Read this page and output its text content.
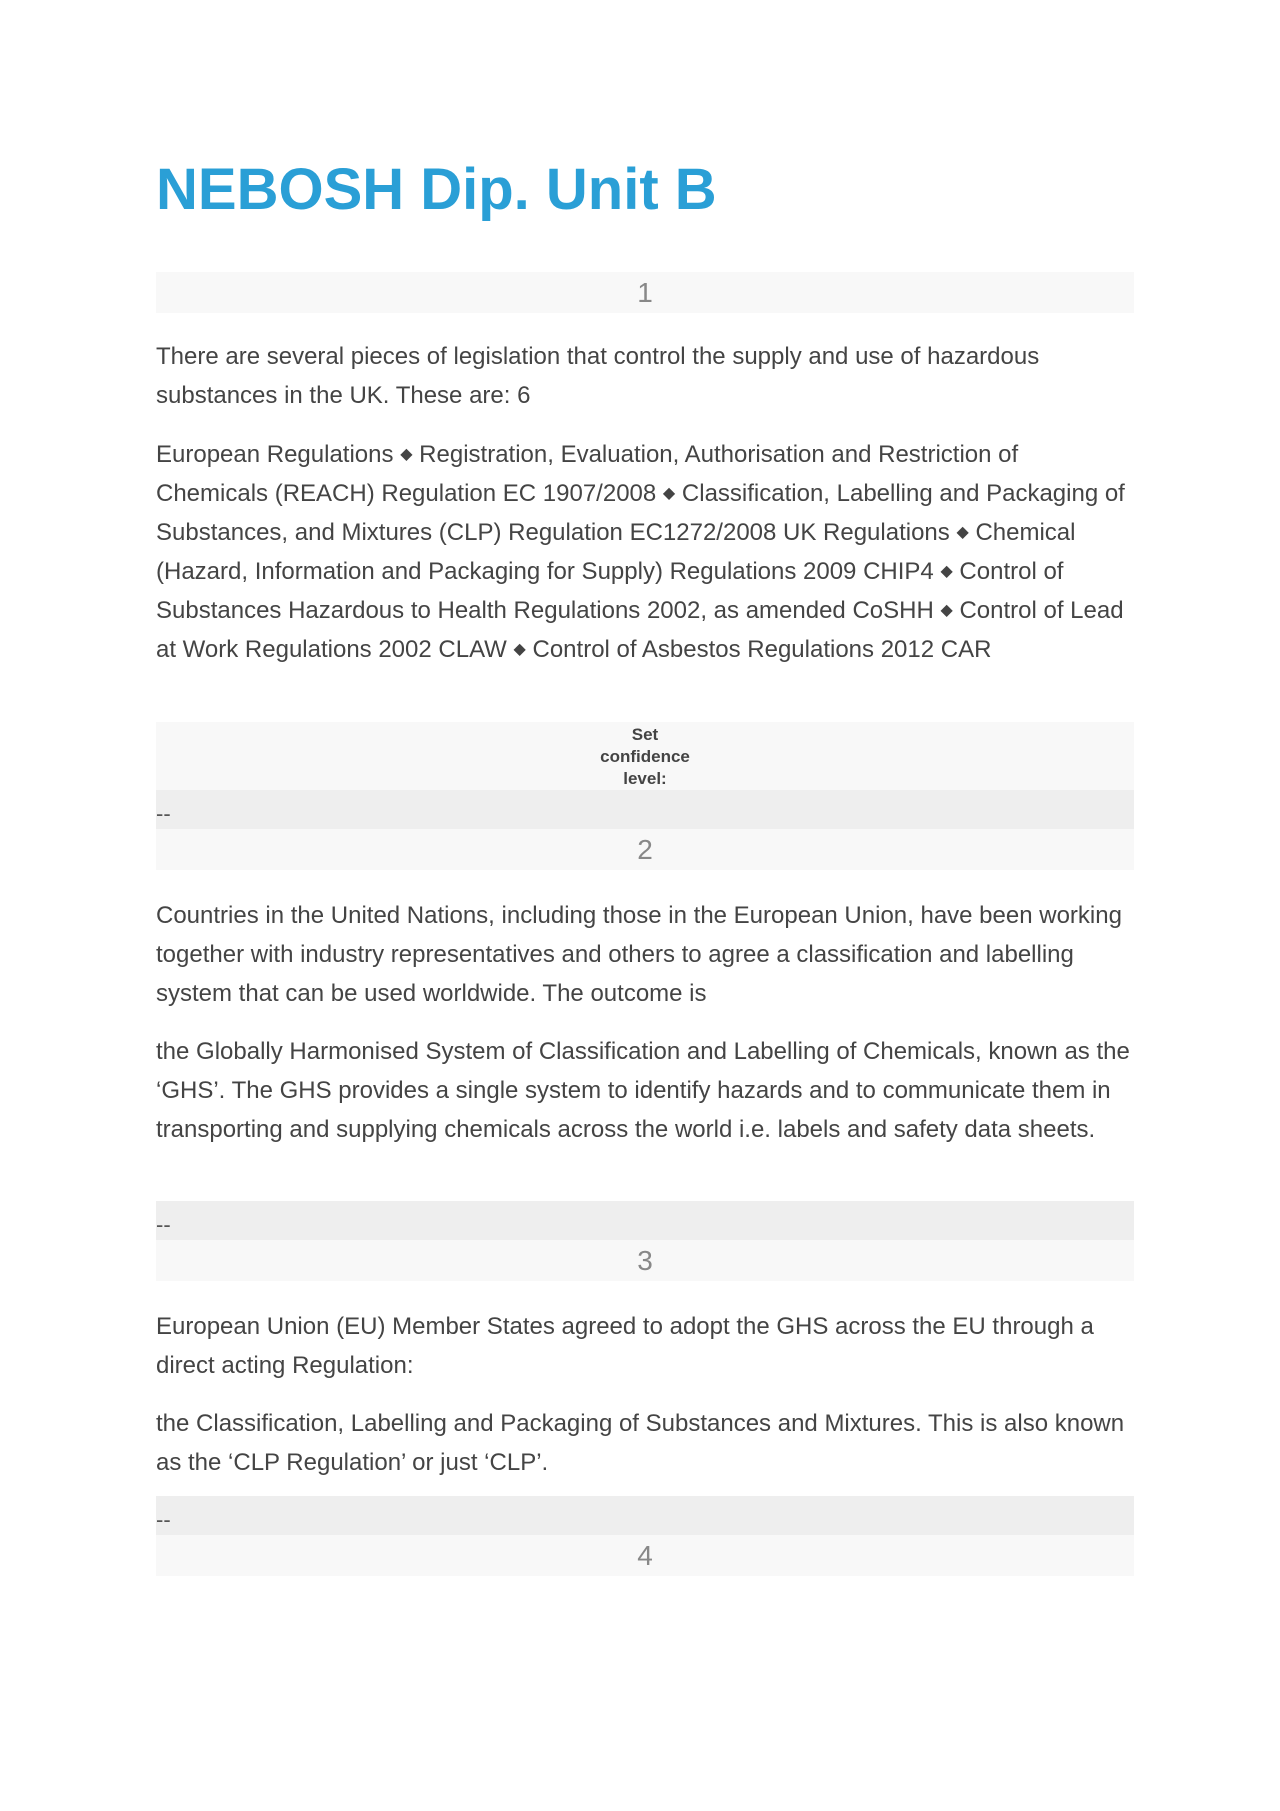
NEBOSH Dip. Unit B
1

There are several pieces of legislation that control the supply and use of hazardous substances in the UK. These are: 6

European Regulations ◆ Registration, Evaluation, Authorisation and Restriction of Chemicals (REACH) Regulation EC 1907/2008 ◆ Classification, Labelling and Packaging of Substances, and Mixtures (CLP) Regulation EC1272/2008 UK Regulations ◆ Chemical (Hazard, Information and Packaging for Supply) Regulations 2009 CHIP4 ◆ Control of Substances Hazardous to Health Regulations 2002, as amended CoSHH ◆ Control of Lead at Work Regulations 2002 CLAW ◆ Control of Asbestos Regulations 2012 CAR

Set confidence level:
--
2

Countries in the United Nations, including those in the European Union, have been working together with industry representatives and others to agree a classification and labelling system that can be used worldwide. The outcome is

the Globally Harmonised System of Classification and Labelling of Chemicals, known as the ‘GHS’. The GHS provides a single system to identify hazards and to communicate them in transporting and supplying chemicals across the world i.e. labels and safety data sheets.

--
3

European Union (EU) Member States agreed to adopt the GHS across the EU through a direct acting Regulation:

the Classification, Labelling and Packaging of Substances and Mixtures. This is also known as the ‘CLP Regulation’ or just ‘CLP’.

--
4
